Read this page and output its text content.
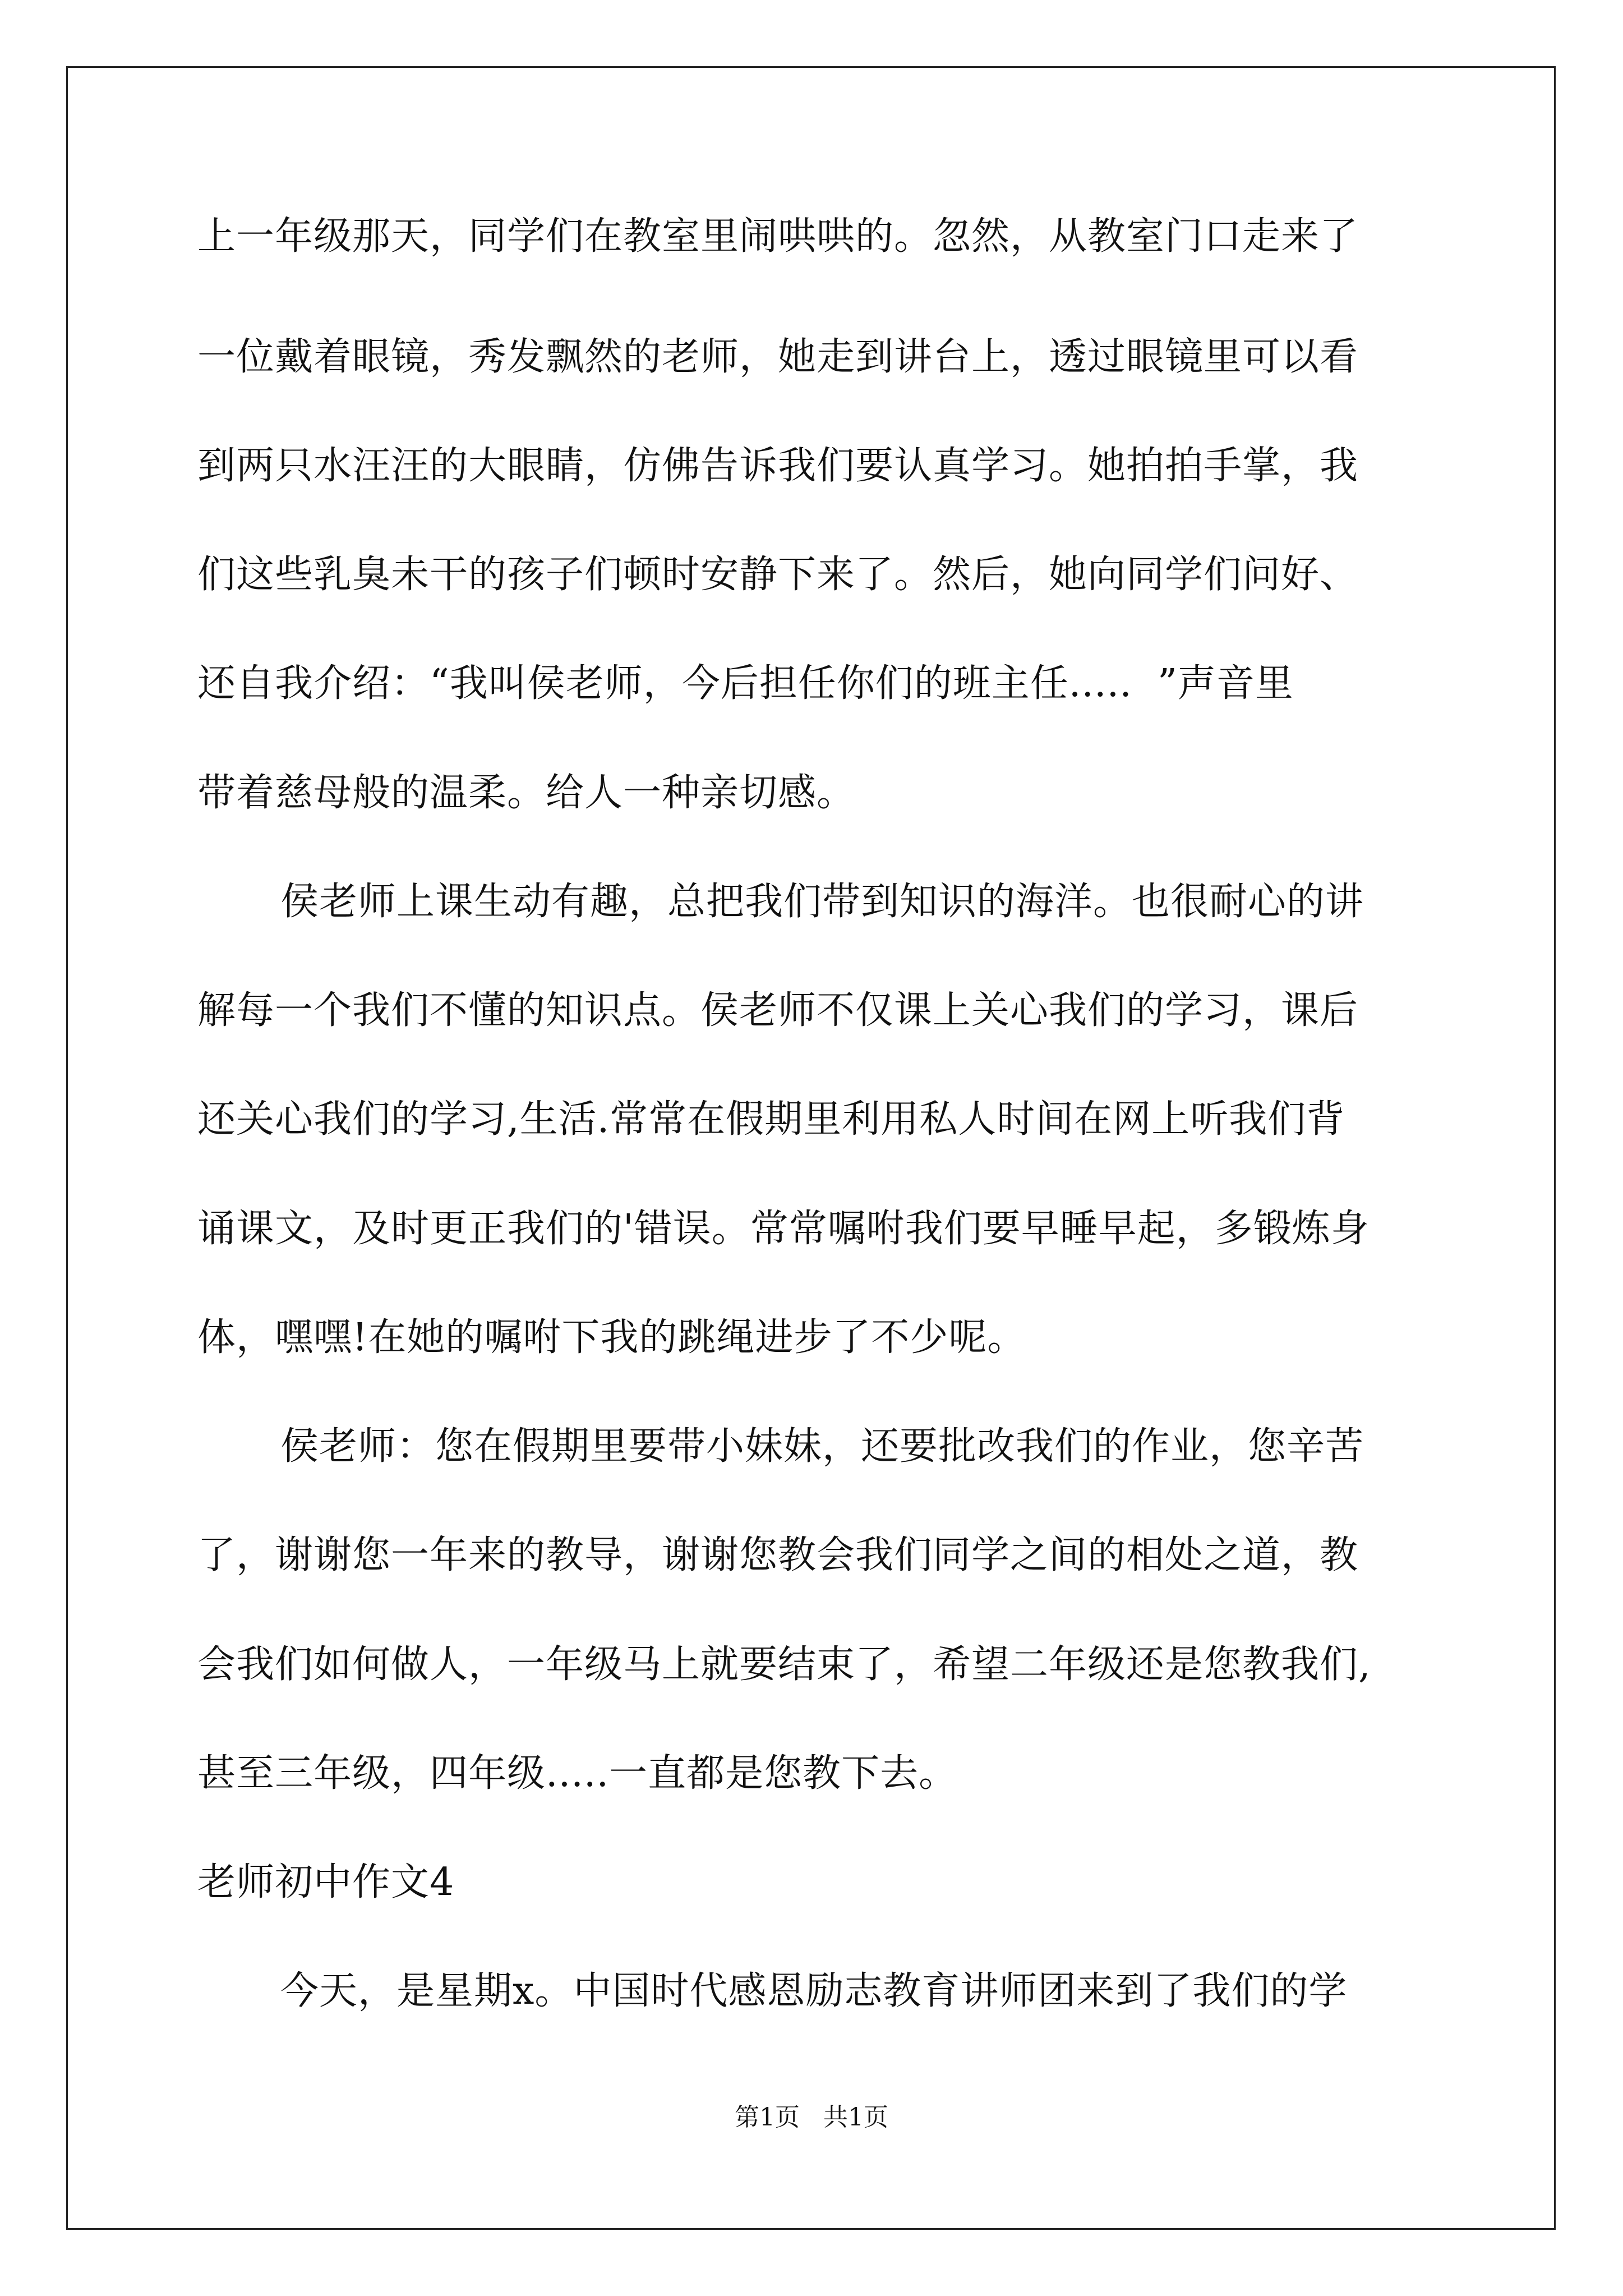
上一年级那天，同学们在教室里闹哄哄的。忽然，从教室门口走来了

一位戴着眼镜，秀发飘然的老师，她走到讲台上，透过眼镜里可以看

到两只水汪汪的大眼睛，仿佛告诉我们要认真学习。她拍拍手掌，我

们这些乳臭未干的孩子们顿时安静下来了。然后，她向同学们问好、

还自我介绍：“我叫侯老师，今后担任你们的班主任.....  ”声音里

带着慈母般的温柔。给人一种亲切感。

侯老师上课生动有趣，总把我们带到知识的海洋。也很耐心的讲

解每一个我们不懂的知识点。侯老师不仅课上关心我们的学习，课后

还关心我们的学习,生活.常常在假期里利用私人时间在网上听我们背

诵课文，及时更正我们的'错误。常常嘱咐我们要早睡早起，多锻炼身

体，嘿嘿!在她的嘱咐下我的跳绳进步了不少呢。

侯老师：您在假期里要带小妹妹，还要批改我们的作业，您辛苦

了，谢谢您一年来的教导，谢谢您教会我们同学之间的相处之道，教

会我们如何做人，一年级马上就要结束了，希望二年级还是您教我们,

甚至三年级，四年级.....一直都是您教下去。

老师初中作文4

今天，是星期x。中国时代感恩励志教育讲师团来到了我们的学

第1页   共1页
